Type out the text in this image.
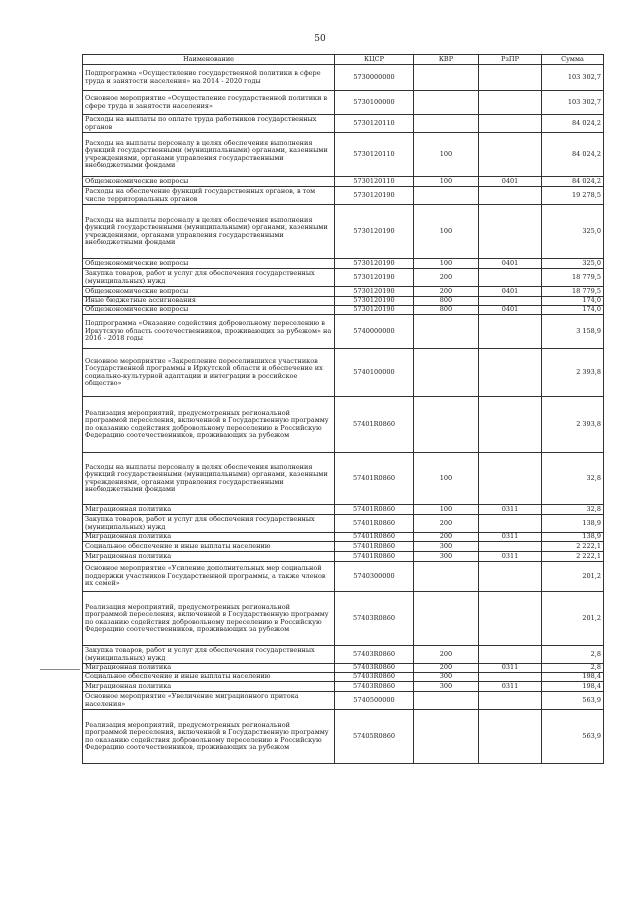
50
Наименование	КЦСР	КВР	РзПР	Сумма
Подпрограмма «Осуществление государственной политики в сфере труда и занятости населения» на 2014 - 2020 годы	5730000000			103 302,7
Основное мероприятие «Осуществление государственной политики в сфере труда и занятости населения»	5730100000			103 302,7
Расходы на выплаты по оплате труда работников государственных органов	5730120110			84 024,2
Расходы на выплаты персоналу в целях обеспечения выполнения функций государственными (муниципальными) органами, казенными учреждениями, органами управления государственными внебюджетными фондами	5730120110	100		84 024,2
Общеэкономические вопросы	5730120110	100	0401	84 024,2
Расходы на обеспечение функций государственных органов, в том числе территориальных органов	5730120190			19 278,5
Расходы на выплаты персоналу в целях обеспечения выполнения функций государственными (муниципальными) органами, казенными учреждениями, органами управления государственными внебюджетными фондами	5730120190	100		325,0
Общеэкономические вопросы	5730120190	100	0401	325,0
Закупка товаров, работ и услуг для обеспечения государственных (муниципальных) нужд	5730120190	200		18 779,5
Общеэкономические вопросы	5730120190	200	0401	18 779,5
Иные бюджетные ассигнования	5730120190	800		174,0
Общеэкономические вопросы	5730120190	800	0401	174,0
Подпрограмма «Оказание содействия добровольному переселению в Иркутскую область соотечественников, проживающих за рубежом» на 2016 - 2018 годы	5740000000			3 158,9
Основное мероприятие «Закрепление переселившихся участников Государственной программы в Иркутской области и обеспечение их социально-культурной адаптации и интеграции в российское общество»	5740100000			2 393,8
Реализация мероприятий, предусмотренных региональной программой переселения, включенной в Государственную программу по оказанию содействия добровольному переселению в Российскую Федерацию соотечественников, проживающих за рубежом	57401R0860			2 393,8
Расходы на выплаты персоналу в целях обеспечения выполнения функций государственными (муниципальными) органами, казенными учреждениями, органами управления государственными внебюджетными фондами	57401R0860	100		32,8
Миграционная политика	57401R0860	100	0311	32,8
Закупка товаров, работ и услуг для обеспечения государственных (муниципальных) нужд	57401R0860	200		138,9
Миграционная политика	57401R0860	200	0311	138,9
Социальное обеспечение и иные выплаты населению	57401R0860	300		2 222,1
Миграционная политика	57401R0860	300	0311	2 222,1
Основное мероприятие «Усиление дополнительных мер социальной поддержки участников Государственной программы, а также членов их семей»	5740300000			201,2
Реализация мероприятий, предусмотренных региональной программой переселения, включенной в Государственную программу по оказанию содействия добровольному переселению в Российскую Федерацию соотечественников, проживающих за рубежом	57403R0860			201,2
Закупка товаров, работ и услуг для обеспечения государственных (муниципальных) нужд	57403R0860	200		2,8
Миграционная политика	57403R0860	200	0311	2,8
Социальное обеспечение и иные выплаты населению	57403R0860	300		198,4
Миграционная политика	57403R0860	300	0311	198,4
Основное мероприятие «Увеличение миграционного притока населения»	5740500000			563,9
Реализация мероприятий, предусмотренных региональной программой переселения, включенной в Государственную программу по оказанию содействия добровольному переселению в Российскую Федерацию соотечественников, проживающих за рубежом	57405R0860			563,9
